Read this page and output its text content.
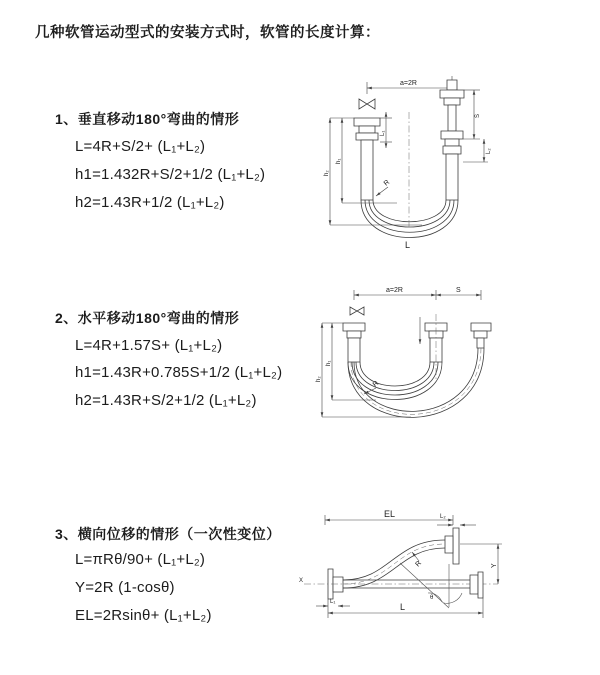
几种软管运动型式的安装方式时，软管的长度计算：
1、垂直移动180°弯曲的情形
L=4R+S/2+ (L₁+L₂)
h1=1.432R+S/2+1/2 (L₁+L₂)
h2=1.43R+1/2 (L₁+L₂)
2、水平移动180°弯曲的情形
L=4R+1.57S+ (L₁+L₂)
h1=1.43R+0.785S+1/2 (L₁+L₂)
h2=1.43R+S/2+1/2 (L₁+L₂)
3、横向位移的情形（一次性变位）
L=πRθ/90+ (L₁+L₂)
Y=2R (1-cosθ)
EL=2Rsinθ+ (L₁+L₂)
a=2R
L₁
S
L₂
R
h₁
h₂
L
a=2R	S
R
h₁
h₂
EL	L₂
Y
X
R
θ
L₁	L
